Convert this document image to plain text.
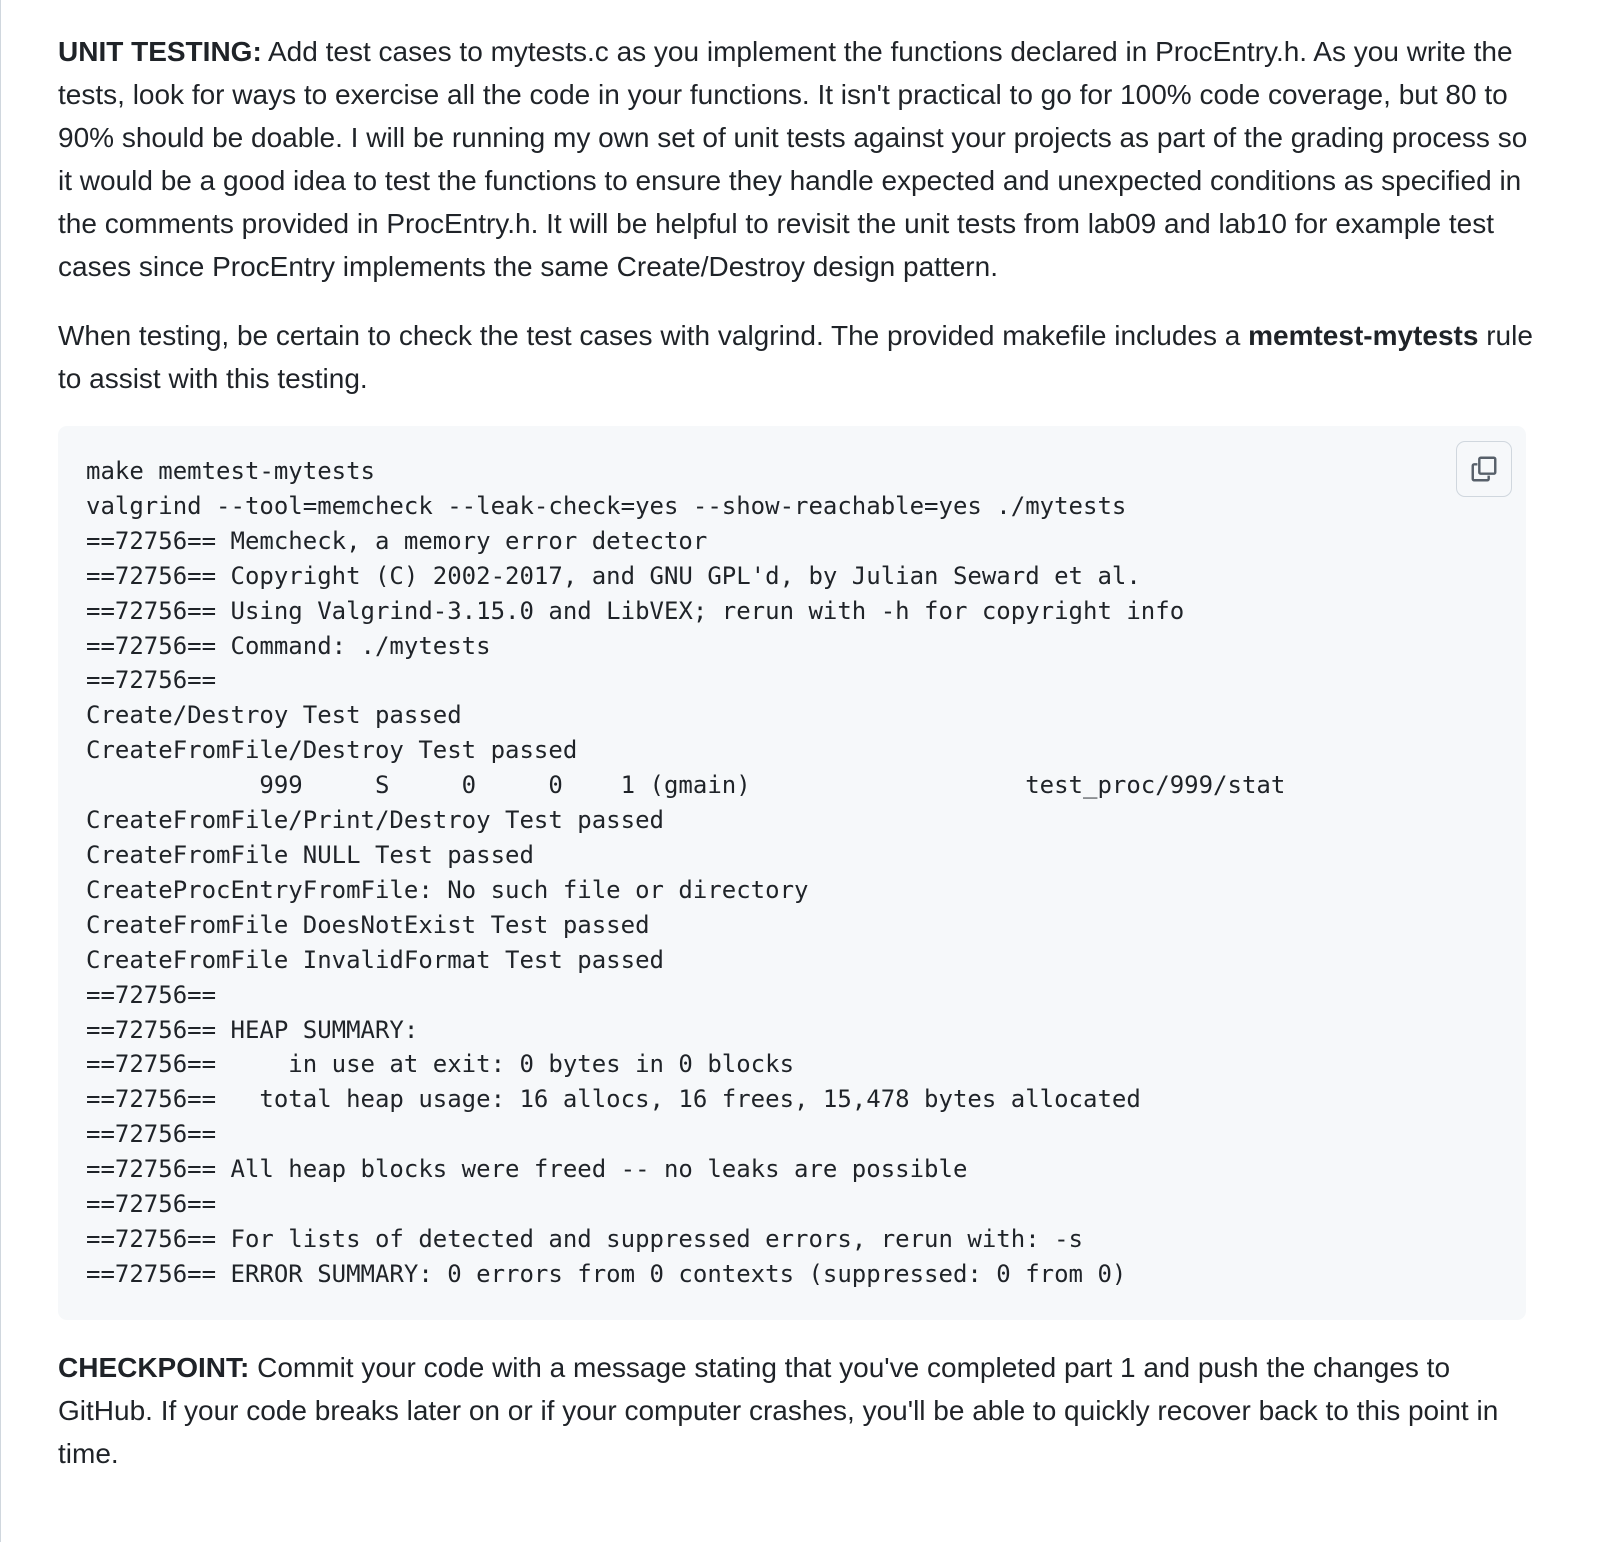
UNIT TESTING: Add test cases to mytests.c as you implement the functions declared in ProcEntry.h. As you write the tests, look for ways to exercise all the code in your functions. It isn't practical to go for 100% code coverage, but 80 to 90% should be doable. I will be running my own set of unit tests against your projects as part of the grading process so it would be a good idea to test the functions to ensure they handle expected and unexpected conditions as specified in the comments provided in ProcEntry.h. It will be helpful to revisit the unit tests from lab09 and lab10 for example test cases since ProcEntry implements the same Create/Destroy design pattern.

When testing, be certain to check the test cases with valgrind. The provided makefile includes a memtest-mytests rule to assist with this testing.

make memtest-mytests
valgrind --tool=memcheck --leak-check=yes --show-reachable=yes ./mytests
==72756== Memcheck, a memory error detector
==72756== Copyright (C) 2002-2017, and GNU GPL'd, by Julian Seward et al.
==72756== Using Valgrind-3.15.0 and LibVEX; rerun with -h for copyright info
==72756== Command: ./mytests
==72756==
Create/Destroy Test passed
CreateFromFile/Destroy Test passed
999     S     0     0    1 (gmain)                   test_proc/999/stat
CreateFromFile/Print/Destroy Test passed
CreateFromFile NULL Test passed
CreateProcEntryFromFile: No such file or directory
CreateFromFile DoesNotExist Test passed
CreateFromFile InvalidFormat Test passed
==72756==
==72756== HEAP SUMMARY:
==72756==     in use at exit: 0 bytes in 0 blocks
==72756==   total heap usage: 16 allocs, 16 frees, 15,478 bytes allocated
==72756==
==72756== All heap blocks were freed -- no leaks are possible
==72756==
==72756== For lists of detected and suppressed errors, rerun with: -s
==72756== ERROR SUMMARY: 0 errors from 0 contexts (suppressed: 0 from 0)

CHECKPOINT: Commit your code with a message stating that you've completed part 1 and push the changes to GitHub. If your code breaks later on or if your computer crashes, you'll be able to quickly recover back to this point in time.
